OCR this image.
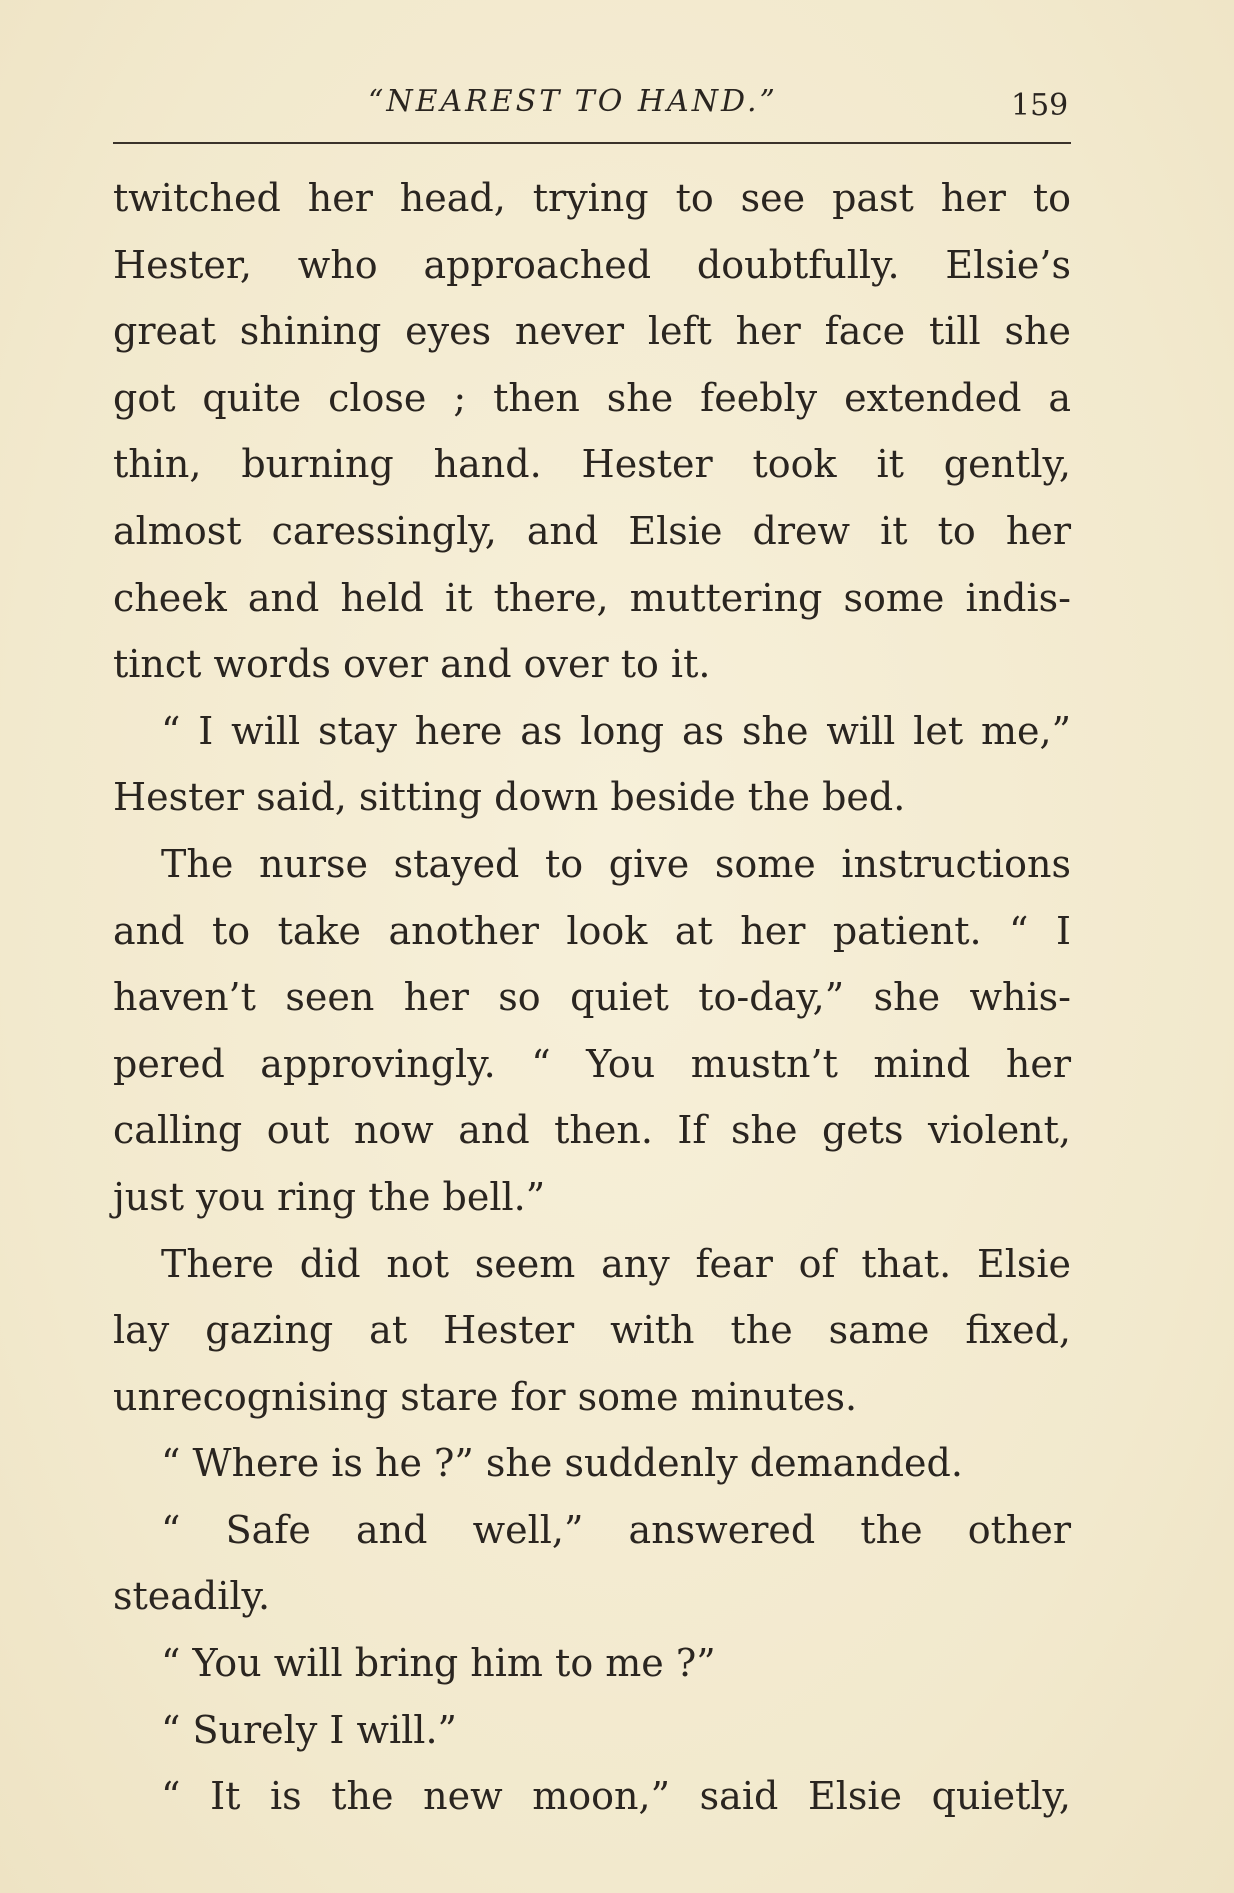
“NEAREST TO HAND.”	159
twitched her head, trying to see past her to
Hester, who approached doubtfully. Elsie’s
great shining eyes never left her face till she
got quite close ; then she feebly extended a
thin, burning hand. Hester took it gently,
almost caressingly, and Elsie drew it to her
cheek and held it there, muttering some indis-
tinct words over and over to it.
“ I will stay here as long as she will let me,”
Hester said, sitting down beside the bed.
The nurse stayed to give some instructions
and to take another look at her patient. “ I
haven’t seen her so quiet to-day,” she whis-
pered approvingly. “ You mustn’t mind her
calling out now and then. If she gets violent,
just you ring the bell.”
There did not seem any fear of that. Elsie
lay gazing at Hester with the same fixed,
unrecognising stare for some minutes.
“ Where is he ?” she suddenly demanded.
“ Safe and well,” answered the other
steadily.
“ You will bring him to me ?”
“ Surely I will.”
“ It is the new moon,” said Elsie quietly,
